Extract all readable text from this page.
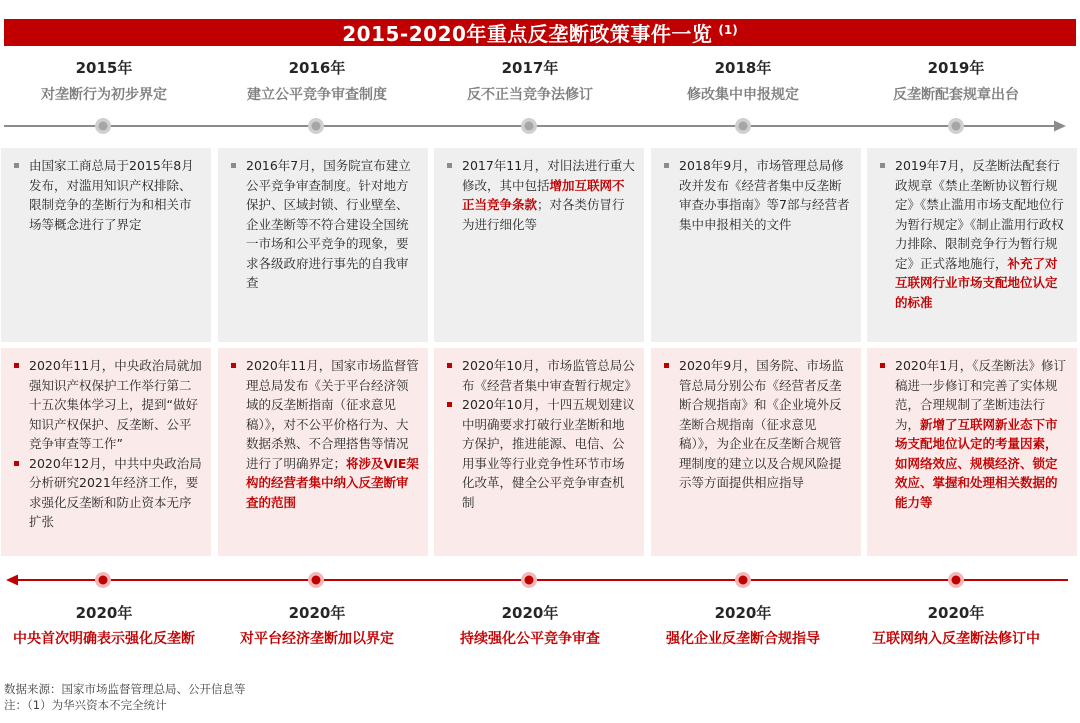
2015-2020年重点反垄断政策事件一览 (1)
2015年	2016年	2017年	2018年	2019年
对垄断行为初步界定	建立公平竞争审查制度	反不正当竞争法修订	修改集中申报规定	反垄断配套规章出台
由国家工商总局于2015年8月发布，对滥用知识产权排除、限制竞争的垄断行为和相关市场等概念进行了界定
2016年7月，国务院宣布建立公平竞争审查制度。针对地方保护、区域封锁、行业壁垒、企业垄断等不符合建设全国统一市场和公平竞争的现象，要求各级政府进行事先的自我审查
2017年11月，对旧法进行重大修改，其中包括增加互联网不正当竞争条款；对各类仿冒行为进行细化等
2018年9月，市场管理总局修改并发布《经营者集中反垄断审查办事指南》等7部与经营者集中申报相关的文件
2019年7月，反垄断法配套行政规章《禁止垄断协议暂行规定》《禁止滥用市场支配地位行为暂行规定》《制止滥用行政权力排除、限制竞争行为暂行规定》正式落地施行，补充了对互联网行业市场支配地位认定的标准
2020年11月，中央政治局就加强知识产权保护工作举行第二十五次集体学习上，提到“做好知识产权保护、反垄断、公平竞争审查等工作”
2020年12月，中共中央政治局分析研究2021年经济工作，要求强化反垄断和防止资本无序扩张
2020年11月，国家市场监督管理总局发布《关于平台经济领域的反垄断指南（征求意见稿）》，对不公平价格行为、大数据杀熟、不合理搭售等情况进行了明确界定；将涉及VIE架构的经营者集中纳入反垄断审查的范围
2020年10月，市场监管总局公布《经营者集中审查暂行规定》
2020年10月，十四五规划建议中明确要求打破行业垄断和地方保护，推进能源、电信、公用事业等行业竞争性环节市场化改革，健全公平竞争审查机制
2020年9月，国务院、市场监管总局分别公布《经营者反垄断合规指南》和《企业境外反垄断合规指南（征求意见稿）》，为企业在反垄断合规管理制度的建立以及合规风险提示等方面提供相应指导
2020年1月，《反垄断法》修订稿进一步修订和完善了实体规范，合理规制了垄断违法行为，新增了互联网新业态下市场支配地位认定的考量因素，如网络效应、规模经济、锁定效应、掌握和处理相关数据的能力等
2020年	2020年	2020年	2020年	2020年
中央首次明确表示强化反垄断	对平台经济垄断加以界定	持续强化公平竞争审查	强化企业反垄断合规指导	互联网纳入反垄断法修订中
数据来源：国家市场监督管理总局、公开信息等
注：（1）为华兴资本不完全统计
